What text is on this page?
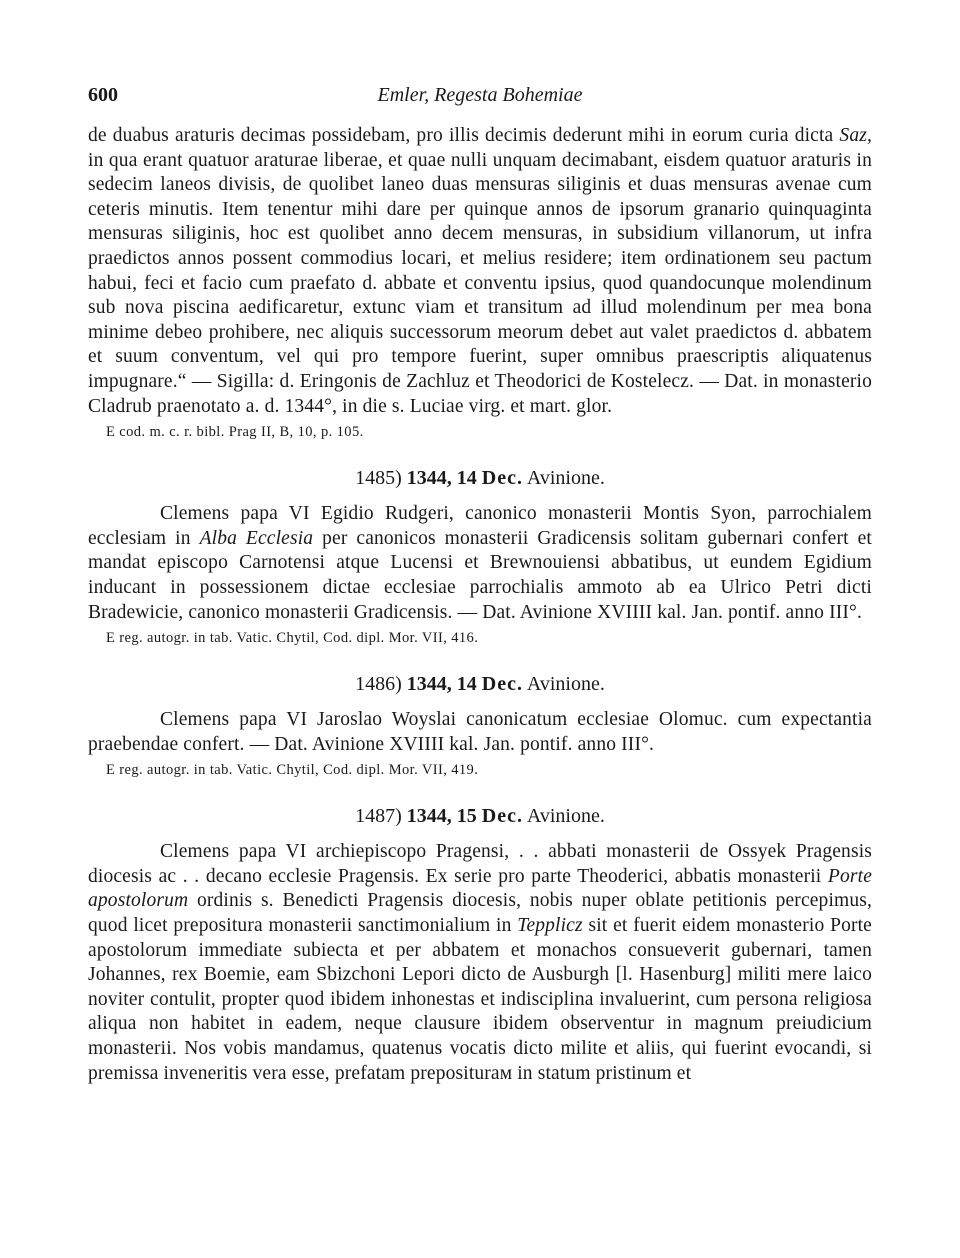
600	Emler, Regesta Bohemiae

de duabus araturis decimas possidebam, pro illis decimis dederunt mihi in eorum curia dicta Saz, in qua erant quatuor araturae liberae, et quae nulli unquam decimabant, eisdem quatuor araturis in sedecim laneos divisis, de quolibet laneo duas mensuras siliginis et duas mensuras avenae cum ceteris minutis. Item tenentur mihi dare per quinque annos de ipsorum granario quinquaginta mensuras siliginis, hoc est quolibet anno decem mensuras, in subsidium villanorum, ut infra praedictos annos possent commodius locari, et melius residere; item ordinationem seu pactum habui, feci et facio cum praefato d. abbate et conventu ipsius, quod quandocunque molendinum sub nova piscina aedificaretur, extunc viam et transitum ad illud molendinum per mea bona minime debeo prohibere, nec aliquis successorum meorum debet aut valet praedictos d. abbatem et suum conventum, vel qui pro tempore fuerint, super omnibus praescriptis aliquatenus impugnare.“ — Sigilla: d. Eringonis de Zachluz et Theodorici de Kostelecz. — Dat. in monasterio Cladrub praenotato a. d. 1344°, in die s. Luciae virg. et mart. glor.

E cod. m. c. r. bibl. Prag II, B, 10, p. 105.
1485) 1344, 14 Dec. Avinione.

Clemens papa VI Egidio Rudgeri, canonico monasterii Montis Syon, parrochialem ecclesiam in Alba Ecclesia per canonicos monasterii Gradicensis solitam gubernari confert et mandat episcopo Carnotensi atque Lucensi et Brewnouiensi abbatibus, ut eundem Egidium inducant in possessionem dictae ecclesiae parrochialis ammoto ab ea Ulrico Petri dicti Bradewicie, canonico monasterii Gradicensis. — Dat. Avinione XVIIII kal. Jan. pontif. anno III°.

E reg. autogr. in tab. Vatic. Chytil, Cod. dipl. Mor. VII, 416.
1486) 1344, 14 Dec. Avinione.

Clemens papa VI Jaroslao Woyslai canonicatum ecclesiae Olomuc. cum expectantia praebendae confert. — Dat. Avinione XVIIII kal. Jan. pontif. anno III°.

E reg. autogr. in tab. Vatic. Chytil, Cod. dipl. Mor. VII, 419.
1487) 1344, 15 Dec. Avinione.

Clemens papa VI archiepiscopo Pragensi, . . abbati monasterii de Ossyek Pragensis diocesis ac . . decano ecclesie Pragensis. Ex serie pro parte Theoderici, abbatis monasterii Porte apostolorum ordinis s. Benedicti Pragensis diocesis, nobis nuper oblate petitionis percepimus, quod licet prepositura monasterii sanctimonialium in Tepplicz sit et fuerit eidem monasterio Porte apostolorum immediate subiecta et per abbatem et monachos consueverit gubernari, tamen Johannes, rex Boemie, eam Sbizchoni Lepori dicto de Ausburgh [l. Hasenburg] militi mere laico noviter contulit, propter quod ibidem inhonestas et indisciplina invaluerint, cum persona religiosa aliqua non habitet in eadem, neque clausure ibidem observentur in magnum preiudicium monasterii. Nos vobis mandamus, quatenus vocatis dicto milite et aliis, qui fuerint evocandi, si premissa inveneritis vera esse, prefatam prepositurам in statum pristinum et
